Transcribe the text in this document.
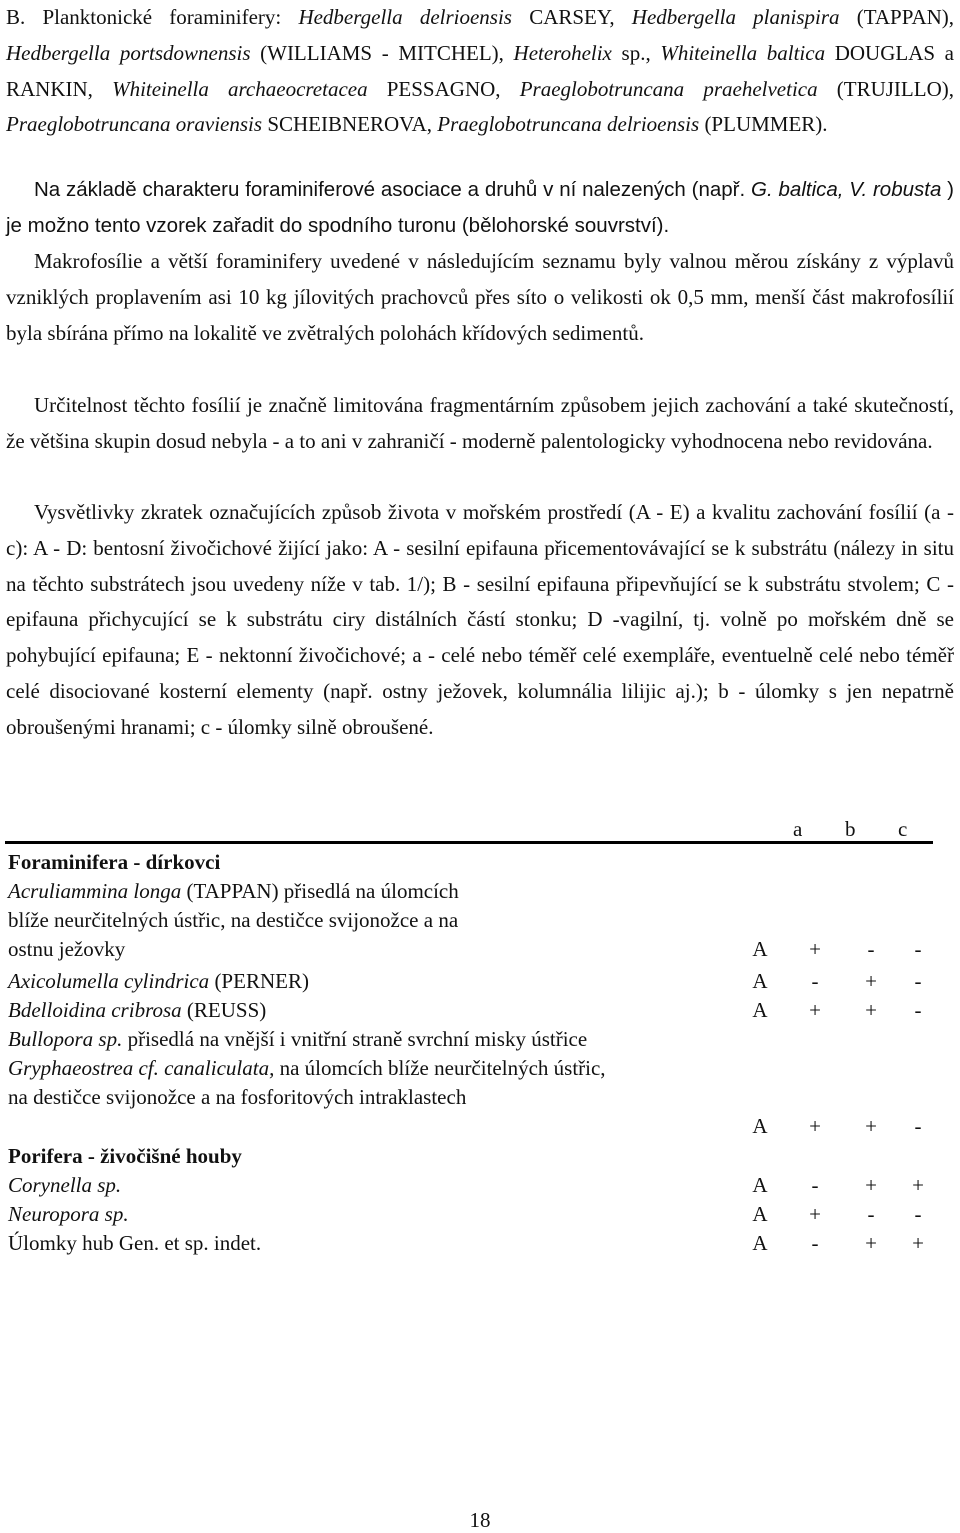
B. Planktonické foraminifery: Hedbergella delrioensis CARSEY, Hedbergella planispira (TAPPAN), Hedbergella portsdownensis (WILLIAMS - MITCHEL), Heterohelix sp., Whiteinella baltica DOUGLAS a RANKIN, Whiteinella archaeocretacea PESSAGNO, Praeglobotruncana praehelvetica (TRUJILLO), Praeglobotruncana oraviensis SCHEIBNEROVA, Praeglobotruncana delrioensis (PLUMMER).

Na základě charakteru foraminiferové asociace a druhů v ní nalezených (např. G. baltica, V. robusta ) je možno tento vzorek zařadit do spodního turonu (bělohorské souvrství).

Makrofosílie a větší foraminifery uvedené v následujícím seznamu byly valnou měrou získány z výplavů vzniklých proplavením asi 10 kg jílovitých prachovců přes síto o velikosti ok 0,5 mm, menší část makrofosílií byla sbírána přímo na lokalitě ve zvětralých polohách křídových sedimentů.

Určitelnost těchto fosílií je značně limitována fragmentárním způsobem jejich zachování a také skutečností, že většina skupin dosud nebyla - a to ani v zahraničí - moderně palentologicky vyhodnocena nebo revidována.

Vysvětlivky zkratek označujících způsob života v mořském prostředí (A - E) a kvalitu zachování fosílií (a - c): A - D: bentosní živočichové žijící jako: A - sesilní epifauna přicementovávající se k substrátu (nálezy in situ na těchto substrátech jsou uvedeny níže v tab. 1/); B - sesilní epifauna připevňující se k substrátu stvolem; C - epifauna přichycující se k substrátu ciry distálních částí stonku; D -vagilní, tj. volně po mořském dně se pohybující epifauna; E - nektonní živočichové; a - celé nebo téměř celé exempláře, eventuelně celé nebo téměř celé disociované kosterní elementy (např. ostny ježovek, kolumnália lilijic aj.); b - úlomky s jen nepatrně obroušenými hranami; c - úlomky silně obroušené.

a b c
Foraminifera - dírkovci
Acruliammina longa (TAPPAN) přisedlá na úlomcích
blíže neurčitelných ústřic, na destičce svijonožce a na
ostnu ježovky	A	+	-	-
Axicolumella cylindrica (PERNER)	A	-	+	-
Bdelloidina cribrosa (REUSS)	A	+	+	-
Bullopora sp. přisedlá na vnější i vnitřní straně svrchní misky ústřice
Gryphaeostrea cf. canaliculata, na úlomcích blíže neurčitelných ústřic,
na destičce svijonožce a na fosforitových intraklastech
A	+	+	-
Porifera - živočišné houby
Corynella sp.	A	-	+	+
Neuropora sp.	A	+	-	-
Úlomky hub Gen. et sp. indet.	A	-	+	+
18
